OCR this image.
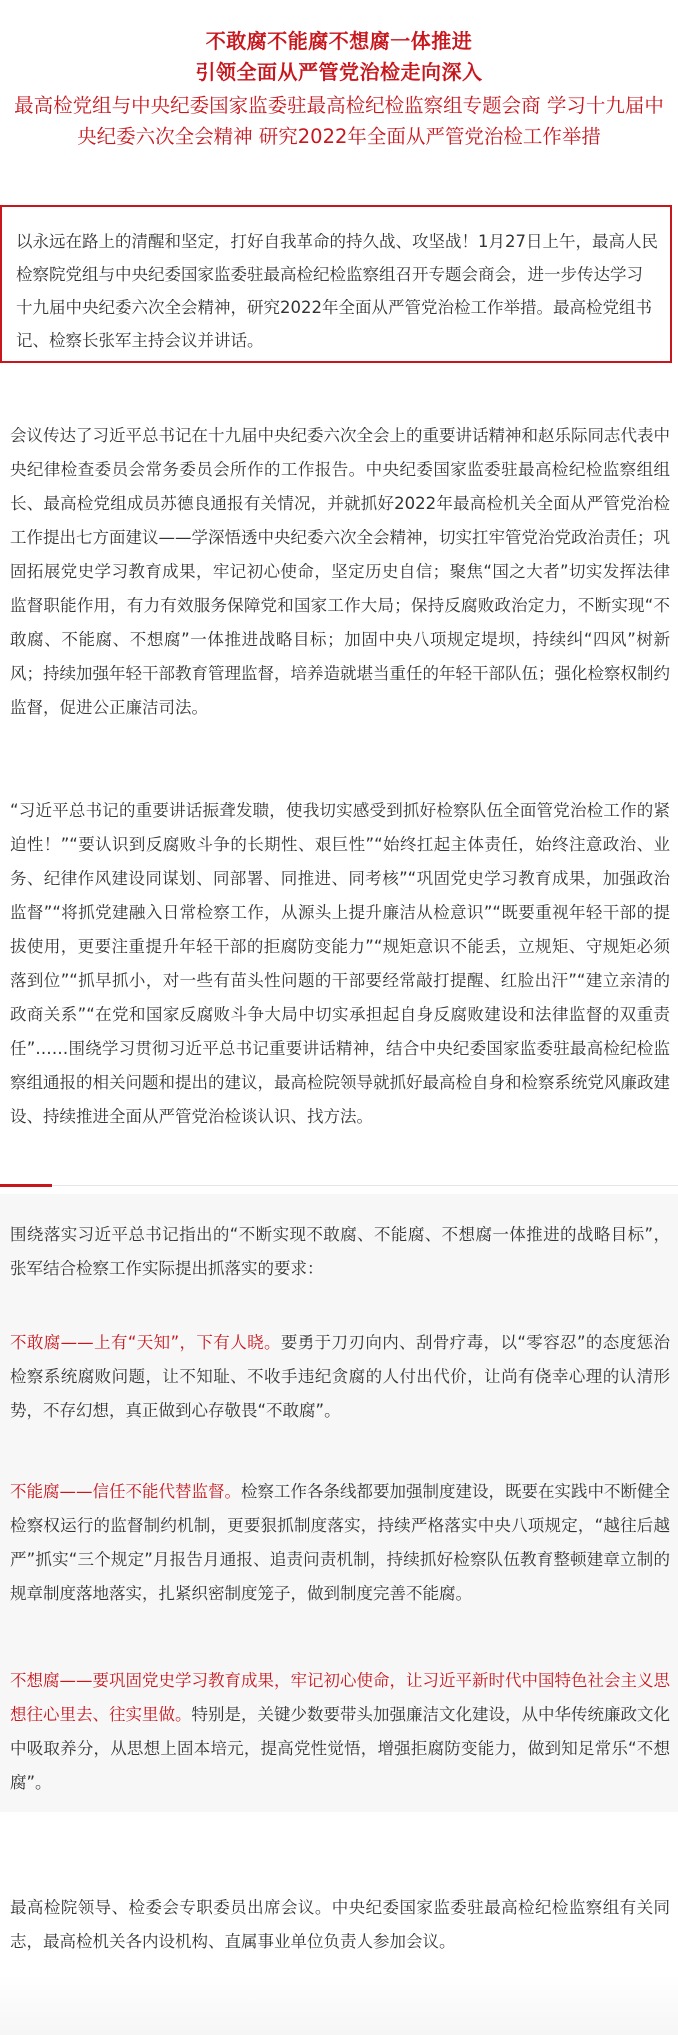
不敢腐不能腐不想腐一体推进
引领全面从严管党治检走向深入
最高检党组与中央纪委国家监委驻最高检纪检监察组专题会商 学习十九届中央纪委六次全会精神 研究2022年全面从严管党治检工作举措
以永远在路上的清醒和坚定，打好自我革命的持久战、攻坚战！1月27日上午，最高人民检察院党组与中央纪委国家监委驻最高检纪检监察组召开专题会商会，进一步传达学习十九届中央纪委六次全会精神，研究2022年全面从严管党治检工作举措。最高检党组书记、检察长张军主持会议并讲话。
会议传达了习近平总书记在十九届中央纪委六次全会上的重要讲话精神和赵乐际同志代表中央纪律检查委员会常务委员会所作的工作报告。中央纪委国家监委驻最高检纪检监察组组长、最高检党组成员苏德良通报有关情况，并就抓好2022年最高检机关全面从严管党治检工作提出七方面建议——学深悟透中央纪委六次全会精神，切实扛牢管党治党政治责任；巩固拓展党史学习教育成果，牢记初心使命，坚定历史自信；聚焦“国之大者”切实发挥法律监督职能作用，有力有效服务保障党和国家工作大局；保持反腐败政治定力，不断实现“不敢腐、不能腐、不想腐”一体推进战略目标；加固中央八项规定堤坝，持续纠“四风”树新风；持续加强年轻干部教育管理监督，培养造就堪当重任的年轻干部队伍；强化检察权制约监督，促进公正廉洁司法。
“习近平总书记的重要讲话振聋发聩，使我切实感受到抓好检察队伍全面管党治检工作的紧迫性！”“要认识到反腐败斗争的长期性、艰巨性”“始终扛起主体责任，始终注意政治、业务、纪律作风建设同谋划、同部署、同推进、同考核”“巩固党史学习教育成果，加强政治监督”“将抓党建融入日常检察工作，从源头上提升廉洁从检意识”“既要重视年轻干部的提拔使用，更要注重提升年轻干部的拒腐防变能力”“规矩意识不能丢，立规矩、守规矩必须落到位”“抓早抓小，对一些有苗头性问题的干部要经常敲打提醒、红脸出汗”“建立亲清的政商关系”“在党和国家反腐败斗争大局中切实承担起自身反腐败建设和法律监督的双重责任”……围绕学习贯彻习近平总书记重要讲话精神，结合中央纪委国家监委驻最高检纪检监察组通报的相关问题和提出的建议，最高检院领导就抓好最高检自身和检察系统党风廉政建设、持续推进全面从严管党治检谈认识、找方法。
围绕落实习近平总书记指出的“不断实现不敢腐、不能腐、不想腐一体推进的战略目标”，张军结合检察工作实际提出抓落实的要求：
不敢腐——上有“天知”，下有人晓。要勇于刀刃向内、刮骨疗毒，以“零容忍”的态度惩治检察系统腐败问题，让不知耻、不收手违纪贪腐的人付出代价，让尚有侥幸心理的认清形势，不存幻想，真正做到心存敬畏“不敢腐”。
不能腐——信任不能代替监督。检察工作各条线都要加强制度建设，既要在实践中不断健全检察权运行的监督制约机制，更要狠抓制度落实，持续严格落实中央八项规定，“越往后越严”抓实“三个规定”月报告月通报、追责问责机制，持续抓好检察队伍教育整顿建章立制的规章制度落地落实，扎紧织密制度笼子，做到制度完善不能腐。
不想腐——要巩固党史学习教育成果，牢记初心使命，让习近平新时代中国特色社会主义思想往心里去、往实里做。特别是，关键少数要带头加强廉洁文化建设，从中华传统廉政文化中吸取养分，从思想上固本培元，提高党性觉悟，增强拒腐防变能力，做到知足常乐“不想腐”。
最高检院领导、检委会专职委员出席会议。中央纪委国家监委驻最高检纪检监察组有关同志，最高检机关各内设机构、直属事业单位负责人参加会议。
